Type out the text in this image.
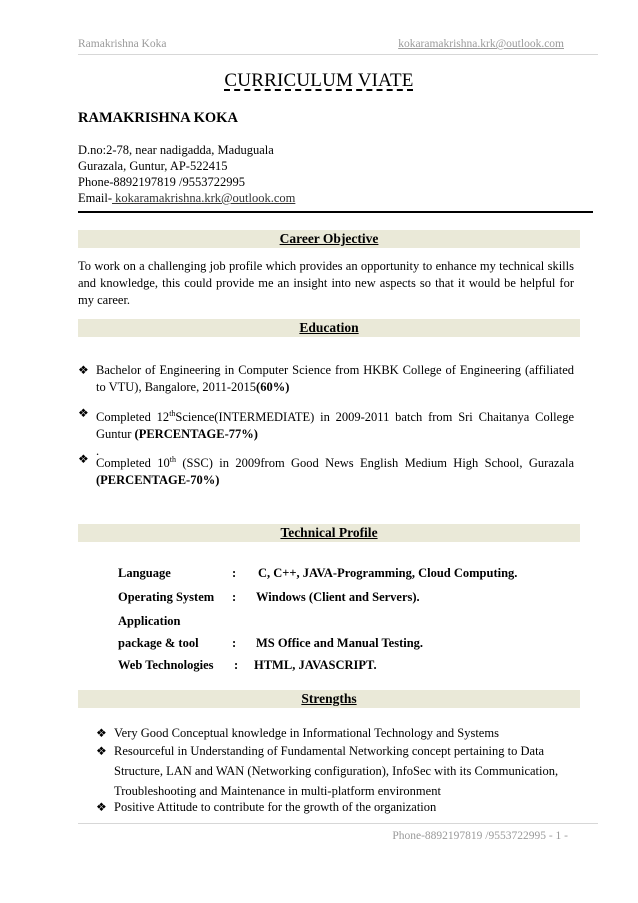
Ramakrishna Koka	kokaramakrishna.krk@outlook.com
CURRICULUM VIATE
RAMAKRISHNA KOKA
D.no:2-78, near nadigadda, Maduguala
Gurazala, Guntur, AP-522415
Phone-8892197819 /9553722995
Email- kokaramakrishna.krk@outlook.com
Career Objective
To work on a challenging job profile which provides an opportunity to enhance my technical skills and knowledge, this could provide me an insight into new aspects so that it would be helpful for my career.
Education
❖ Bachelor of Engineering in Computer Science from HKBK College of Engineering (affiliated to VTU), Bangalore, 2011-2015(60%)
❖ Completed 12thScience(INTERMEDIATE) in 2009-2011 batch from Sri Chaitanya College Guntur (PERCENTAGE-77%)
.
❖ Completed 10th (SSC) in 2009from Good News English Medium High School, Gurazala (PERCENTAGE-70%)
Technical Profile
Language	: C, C++, JAVA-Programming, Cloud Computing.
Operating System : Windows (Client and Servers).
Application
package & tool	: MS Office and Manual Testing.
Web Technologies : HTML, JAVASCRIPT.
Strengths
❖ Very Good Conceptual knowledge in Informational Technology and Systems
❖ Resourceful in Understanding of Fundamental Networking concept pertaining to Data Structure, LAN and WAN (Networking configuration), InfoSec with its Communication, Troubleshooting and Maintenance in multi-platform environment
❖ Positive Attitude to contribute for the growth of the organization
Phone-8892197819 /9553722995 - 1 -
